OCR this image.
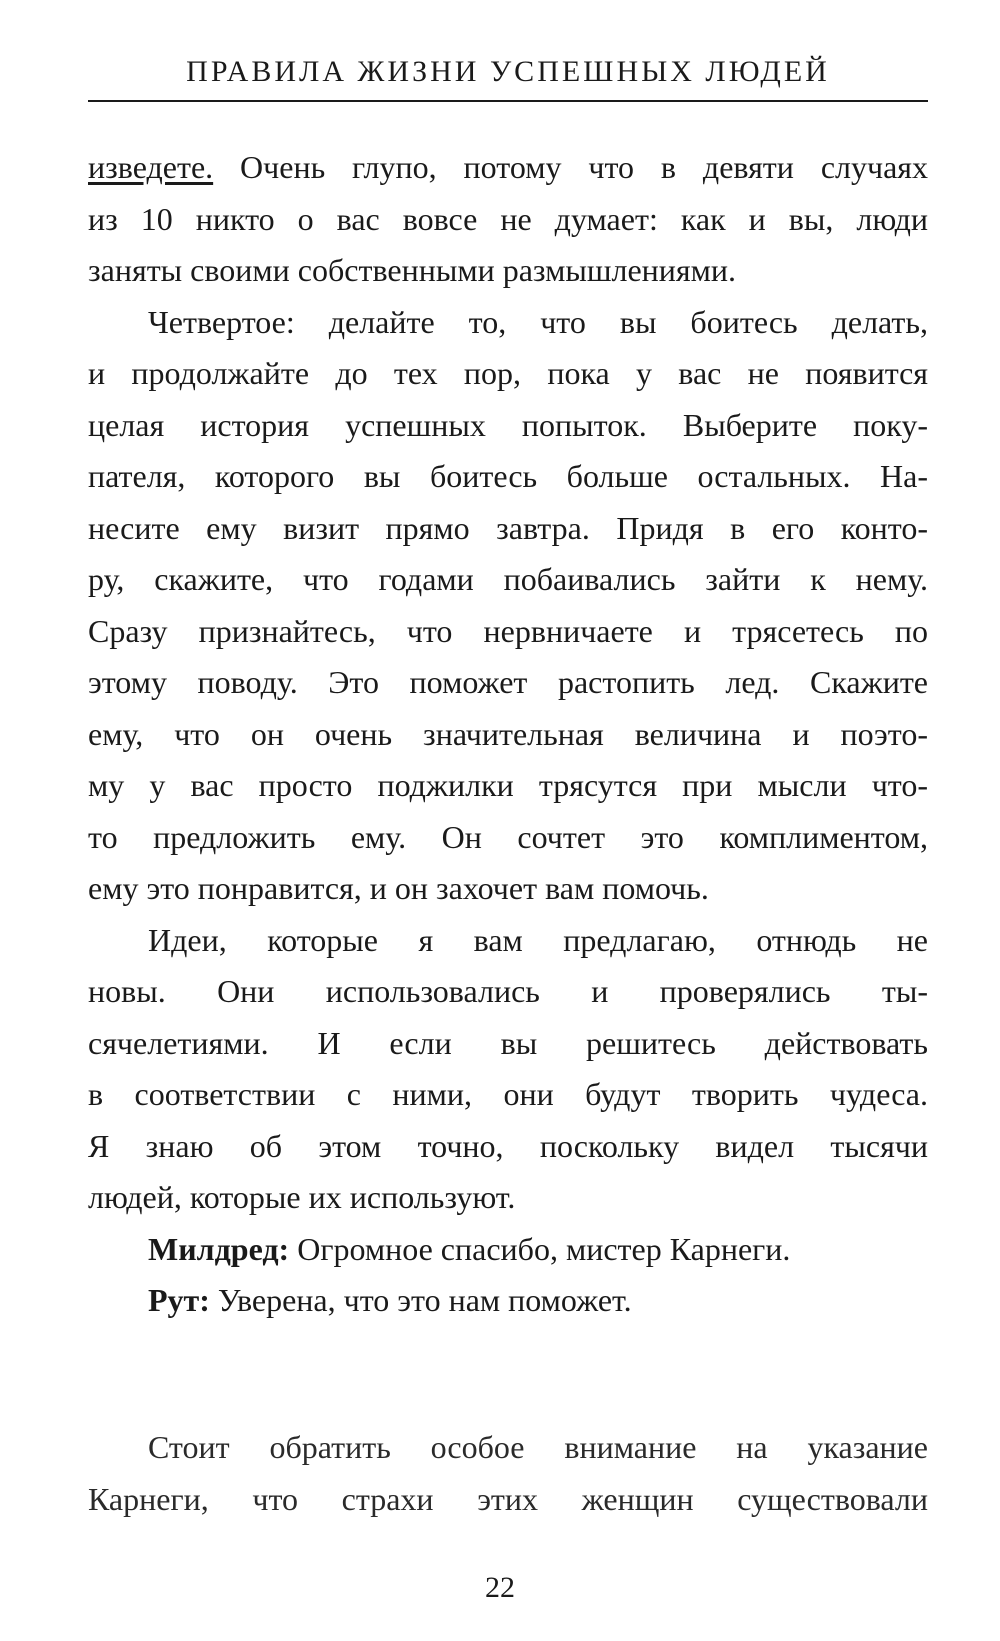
ПРАВИЛА ЖИЗНИ УСПЕШНЫХ ЛЮДЕЙ

изведете. Очень глупо, потому что в девяти случаях

из 10 никто о вас вовсе не думает: как и вы, люди

заняты своими собственными размышлениями.

Четвертое: делайте то, что вы боитесь делать,

и продолжайте до тех пор, пока у вас не появится

целая история успешных попыток. Выберите поку-

пателя, которого вы боитесь больше остальных. На-

несите ему визит прямо завтра. Придя в его конто-

ру, скажите, что годами побаивались зайти к нему.

Сразу признайтесь, что нервничаете и трясетесь по

этому поводу. Это поможет растопить лед. Скажите

ему, что он очень значительная величина и поэто-

му у вас просто поджилки трясутся при мысли что-

то предложить ему. Он сочтет это комплиментом,

ему это понравится, и он захочет вам помочь.

Идеи, которые я вам предлагаю, отнюдь не

новы. Они использовались и проверялись ты-

сячелетиями. И если вы решитесь действовать

в соответствии с ними, они будут творить чудеса.

Я знаю об этом точно, поскольку видел тысячи

людей, которые их используют.

Милдред: Огромное спасибо, мистер Карнеги.

Рут: Уверена, что это нам поможет.

Стоит обратить особое внимание на указание

Карнеги, что страхи этих женщин существовали

22
